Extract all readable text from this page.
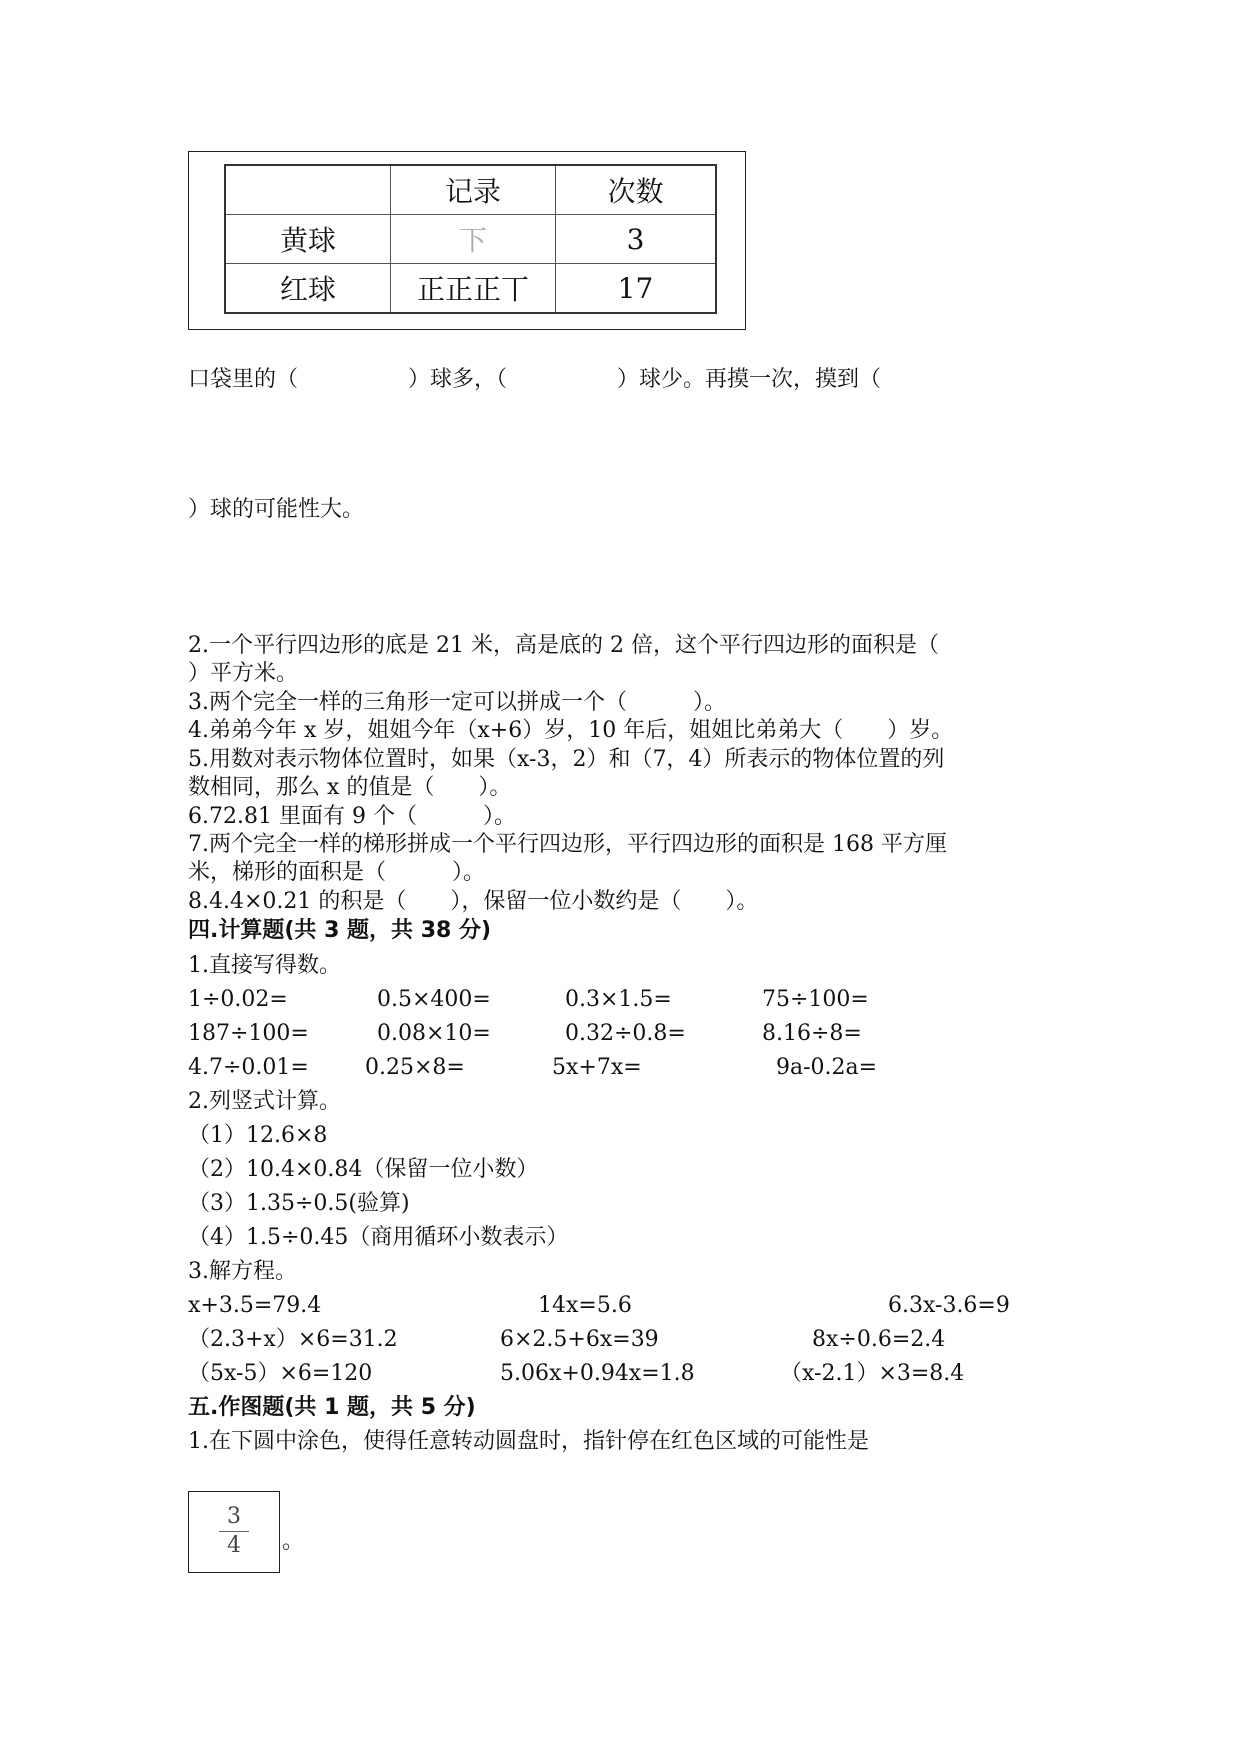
	记录	次数
黄球	下	3
红球	正正正丅	17
口袋里的（　　　　　）球多，（　　　　　）球少。再摸一次，摸到（
）球的可能性大。
2.一个平行四边形的底是 21 米，高是底的 2 倍，这个平行四边形的面积是（
）平方米。
3.两个完全一样的三角形一定可以拼成一个（　　　）。
4.弟弟今年 x 岁，姐姐今年（x+6）岁，10 年后，姐姐比弟弟大（　　）岁。
5.用数对表示物体位置时，如果（x-3，2）和（7，4）所表示的物体位置的列
数相同，那么 x 的值是（　　）。
6.72.81 里面有 9 个（　　　）。
7.两个完全一样的梯形拼成一个平行四边形，平行四边形的面积是 168 平方厘
米，梯形的面积是（　　　）。
8.4.4×0.21 的积是（　　），保留一位小数约是（　　）。
四.计算题(共 3 题，共 38 分)
1.直接写得数。
1÷0.02=	0.5×400=	0.3×1.5=	75÷100=
187÷100=	0.08×10=	0.32÷0.8=	8.16÷8=
4.7÷0.01=	0.25×8=	5x+7x=	9a-0.2a=
2.列竖式计算。
（1）12.6×8
（2）10.4×0.84（保留一位小数）
（3）1.35÷0.5(验算)
（4）1.5÷0.45（商用循环小数表示）
3.解方程。
x+3.5=79.4	14x=5.6	6.3x-3.6=9
（2.3+x）×6=31.2	6×2.5+6x=39	8x÷0.6=2.4
（5x-5）×6=120	5.06x+0.94x=1.8	（x-2.1）×3=8.4
五.作图题(共 1 题，共 5 分)
1.在下圆中涂色，使得任意转动圆盘时，指针停在红色区域的可能性是
3
4	。
